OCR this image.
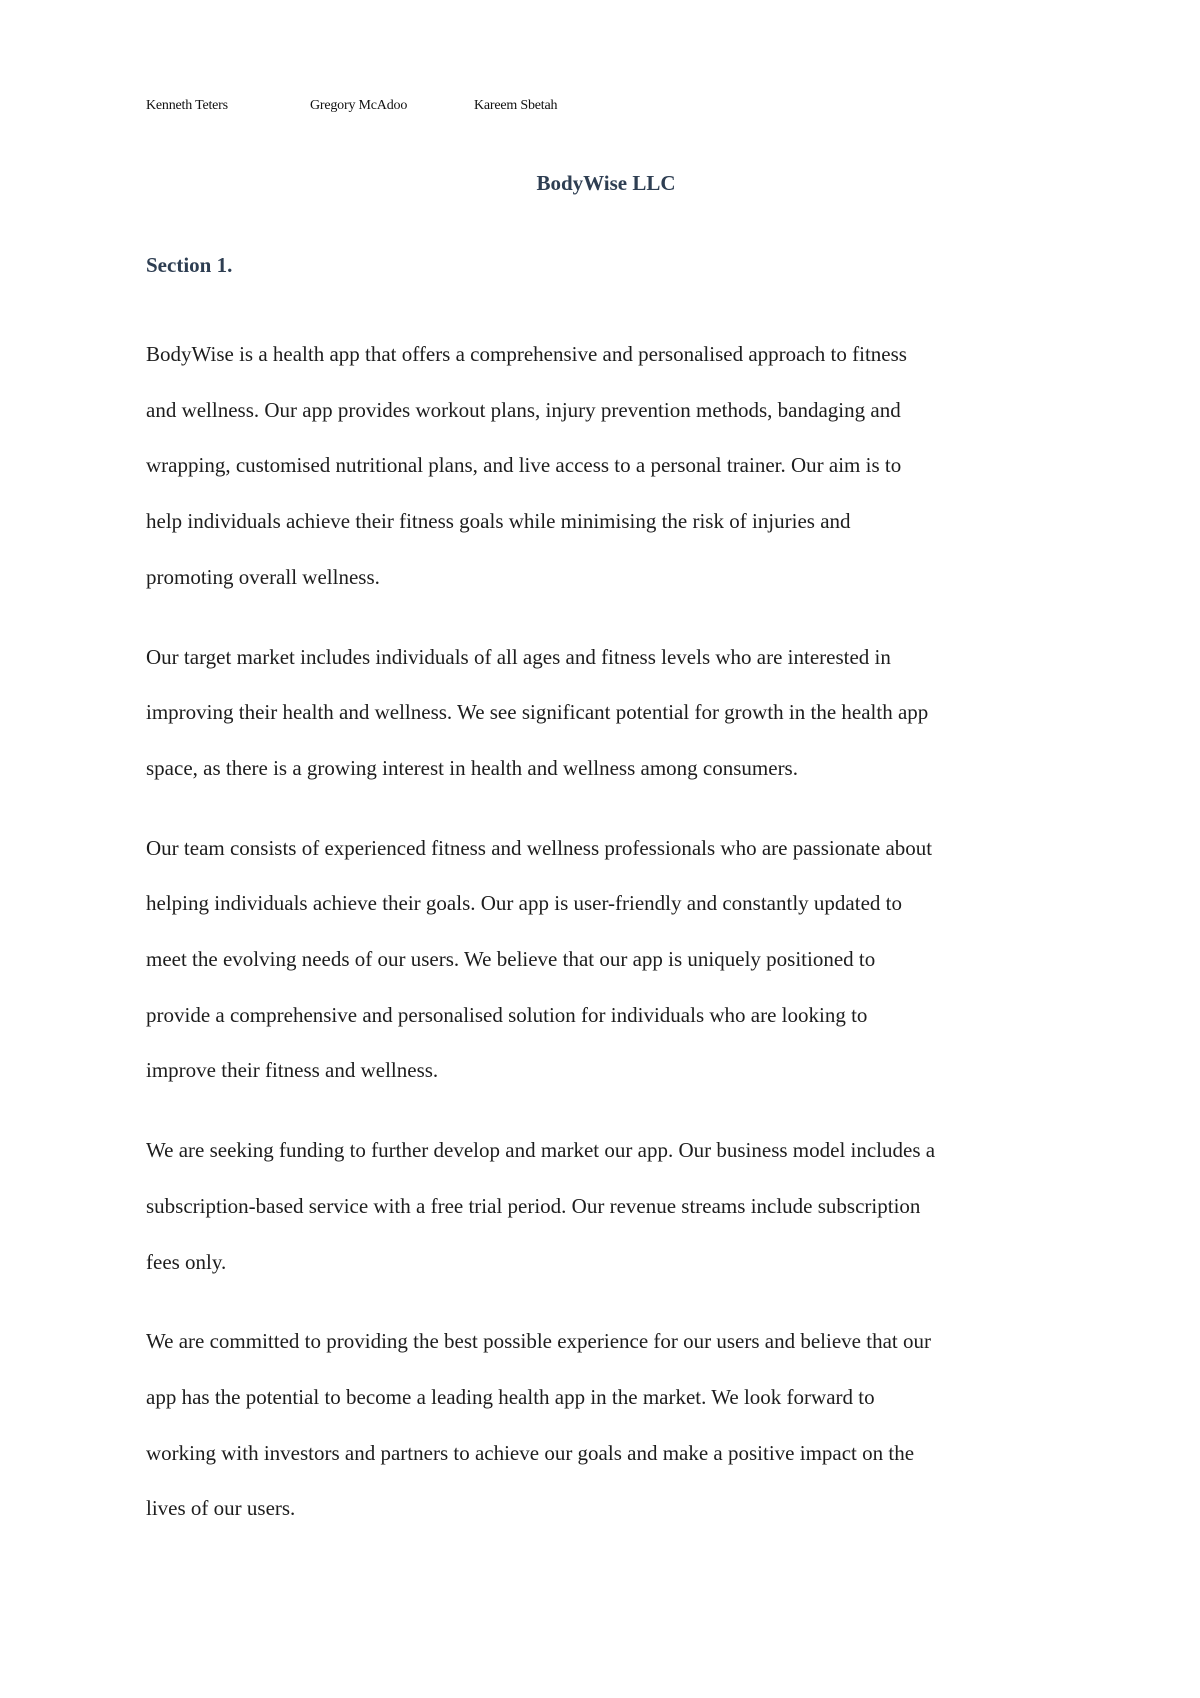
Kenneth Teters	Gregory McAdoo	Kareem Sbetah
BodyWise LLC
Section 1.

BodyWise is a health app that offers a comprehensive and personalised approach to fitness
and wellness. Our app provides workout plans, injury prevention methods, bandaging and
wrapping, customised nutritional plans, and live access to a personal trainer. Our aim is to
help individuals achieve their fitness goals while minimising the risk of injuries and
promoting overall wellness.

Our target market includes individuals of all ages and fitness levels who are interested in
improving their health and wellness. We see significant potential for growth in the health app
space, as there is a growing interest in health and wellness among consumers.

Our team consists of experienced fitness and wellness professionals who are passionate about
helping individuals achieve their goals. Our app is user-friendly and constantly updated to
meet the evolving needs of our users. We believe that our app is uniquely positioned to
provide a comprehensive and personalised solution for individuals who are looking to
improve their fitness and wellness.

We are seeking funding to further develop and market our app. Our business model includes a
subscription-based service with a free trial period. Our revenue streams include subscription
fees only.

We are committed to providing the best possible experience for our users and believe that our
app has the potential to become a leading health app in the market. We look forward to
working with investors and partners to achieve our goals and make a positive impact on the
lives of our users.
